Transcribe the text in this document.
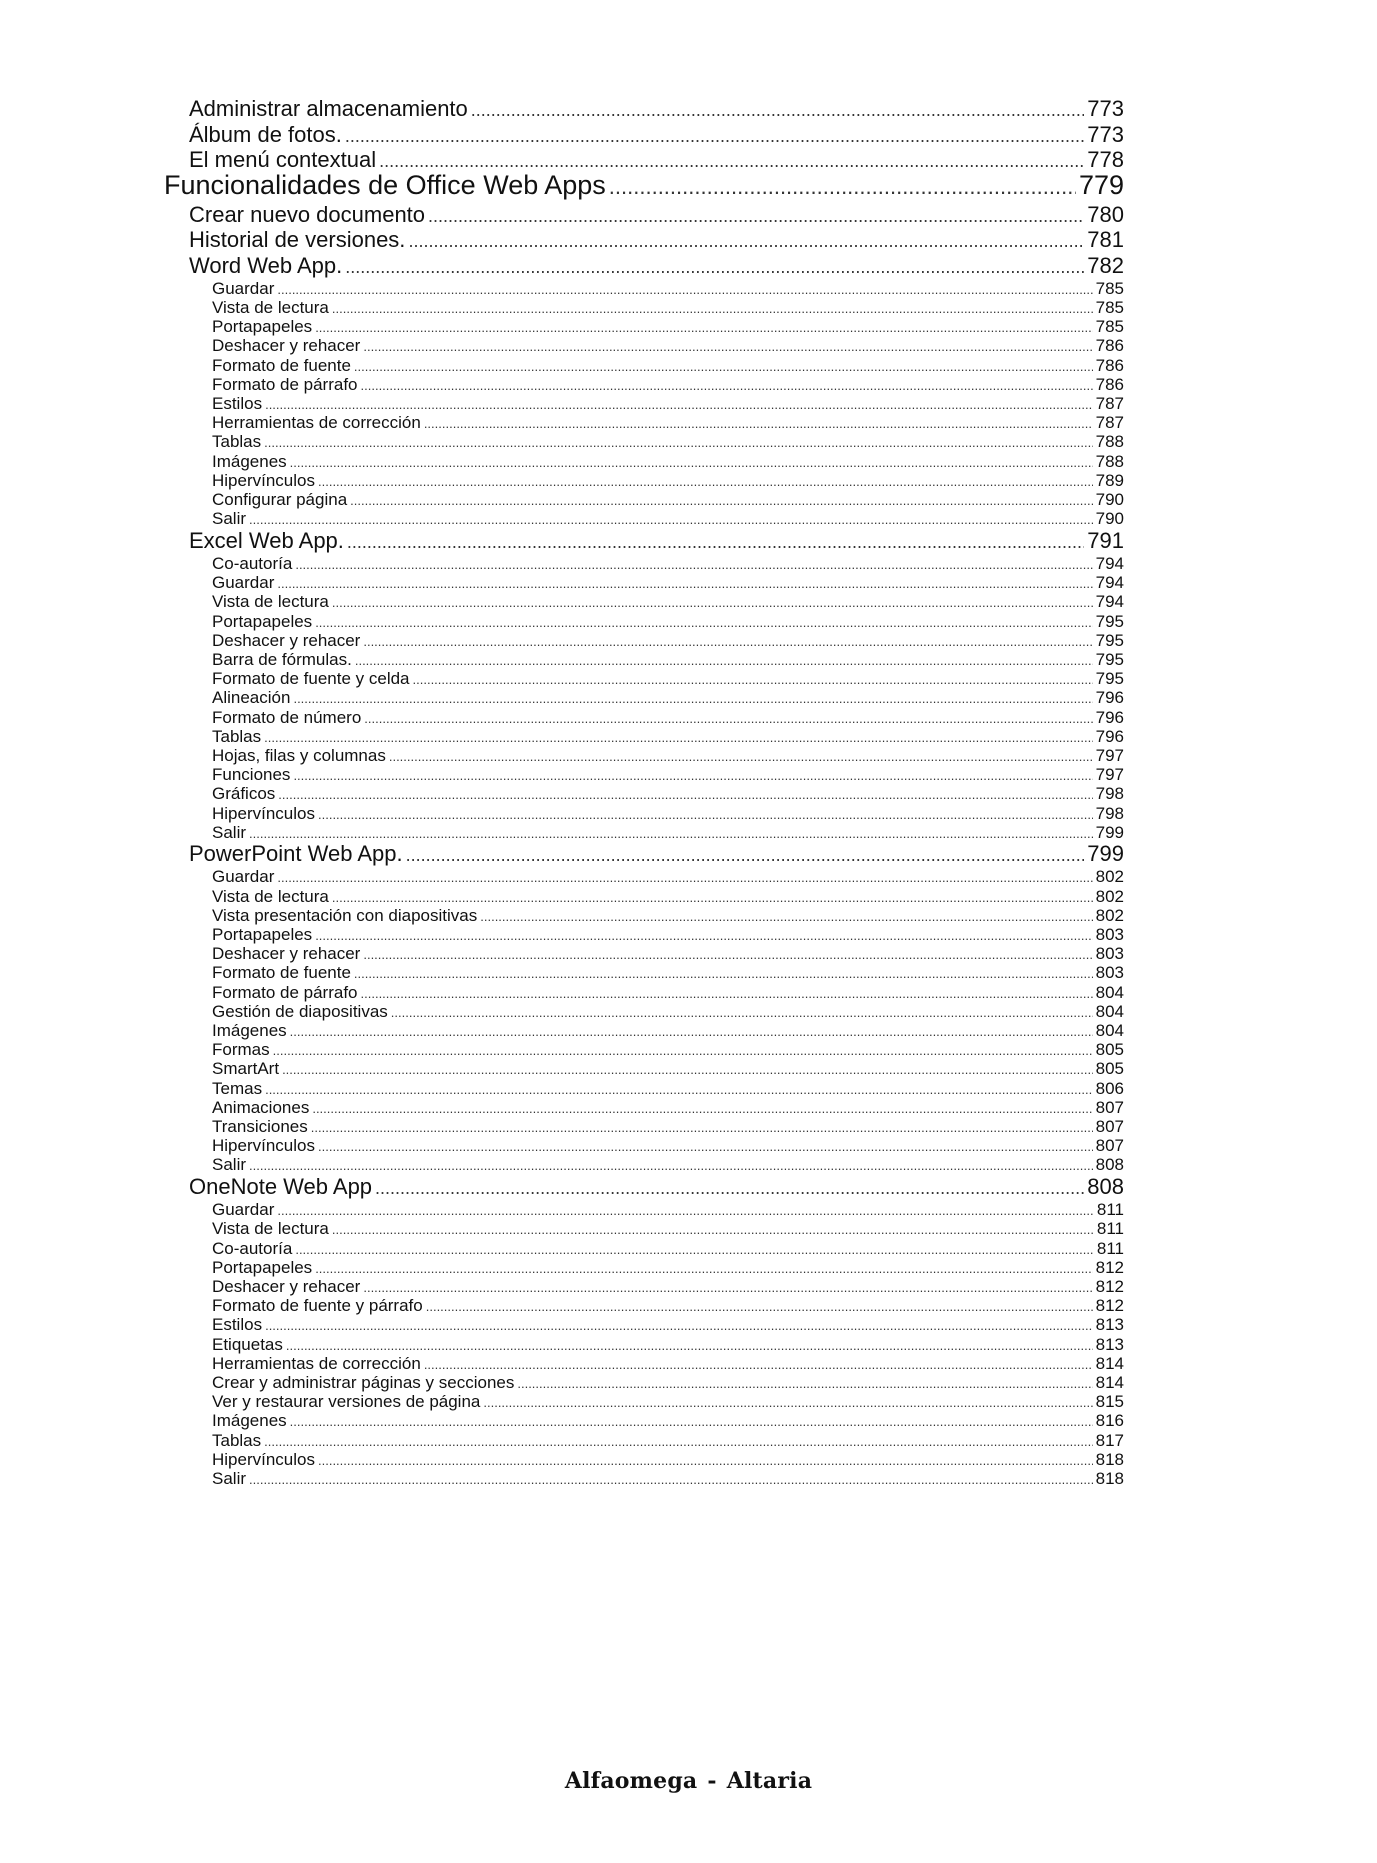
Administrar almacenamiento .....	773
Álbum de fotos. .....	773
El menú contextual .....	778
Funcionalidades de Office Web Apps .....	779
Crear nuevo documento .....	780
Historial de versiones. .....	781
Word Web App. .....	782
Guardar .....	785
Vista de lectura .....	785
Portapapeles .....	785
Deshacer y rehacer .....	786
Formato de fuente .....	786
Formato de párrafo .....	786
Estilos .....	787
Herramientas de corrección .....	787
Tablas .....	788
Imágenes .....	788
Hipervínculos .....	789
Configurar página .....	790
Salir .....	790
Excel Web App. .....	791
Co-autoría .....	794
Guardar .....	794
Vista de lectura .....	794
Portapapeles .....	795
Deshacer y rehacer .....	795
Barra de fórmulas. .....	795
Formato de fuente y celda .....	795
Alineación .....	796
Formato de número .....	796
Tablas .....	796
Hojas, filas y columnas .....	797
Funciones .....	797
Gráficos .....	798
Hipervínculos .....	798
Salir .....	799
PowerPoint Web App. .....	799
Guardar .....	802
Vista de lectura .....	802
Vista presentación con diapositivas .....	802
Portapapeles .....	803
Deshacer y rehacer .....	803
Formato de fuente .....	803
Formato de párrafo .....	804
Gestión de diapositivas .....	804
Imágenes .....	804
Formas .....	805
SmartArt .....	805
Temas .....	806
Animaciones .....	807
Transiciones .....	807
Hipervínculos .....	807
Salir .....	808
OneNote Web App .....	808
Guardar .....	811
Vista de lectura .....	811
Co-autoría .....	811
Portapapeles .....	812
Deshacer y rehacer .....	812
Formato de fuente y párrafo .....	812
Estilos .....	813
Etiquetas .....	813
Herramientas de corrección .....	814
Crear y administrar páginas y secciones .....	814
Ver y restaurar versiones de página .....	815
Imágenes .....	816
Tablas .....	817
Hipervínculos .....	818
Salir .....	818
Alfaomega - Altaria
